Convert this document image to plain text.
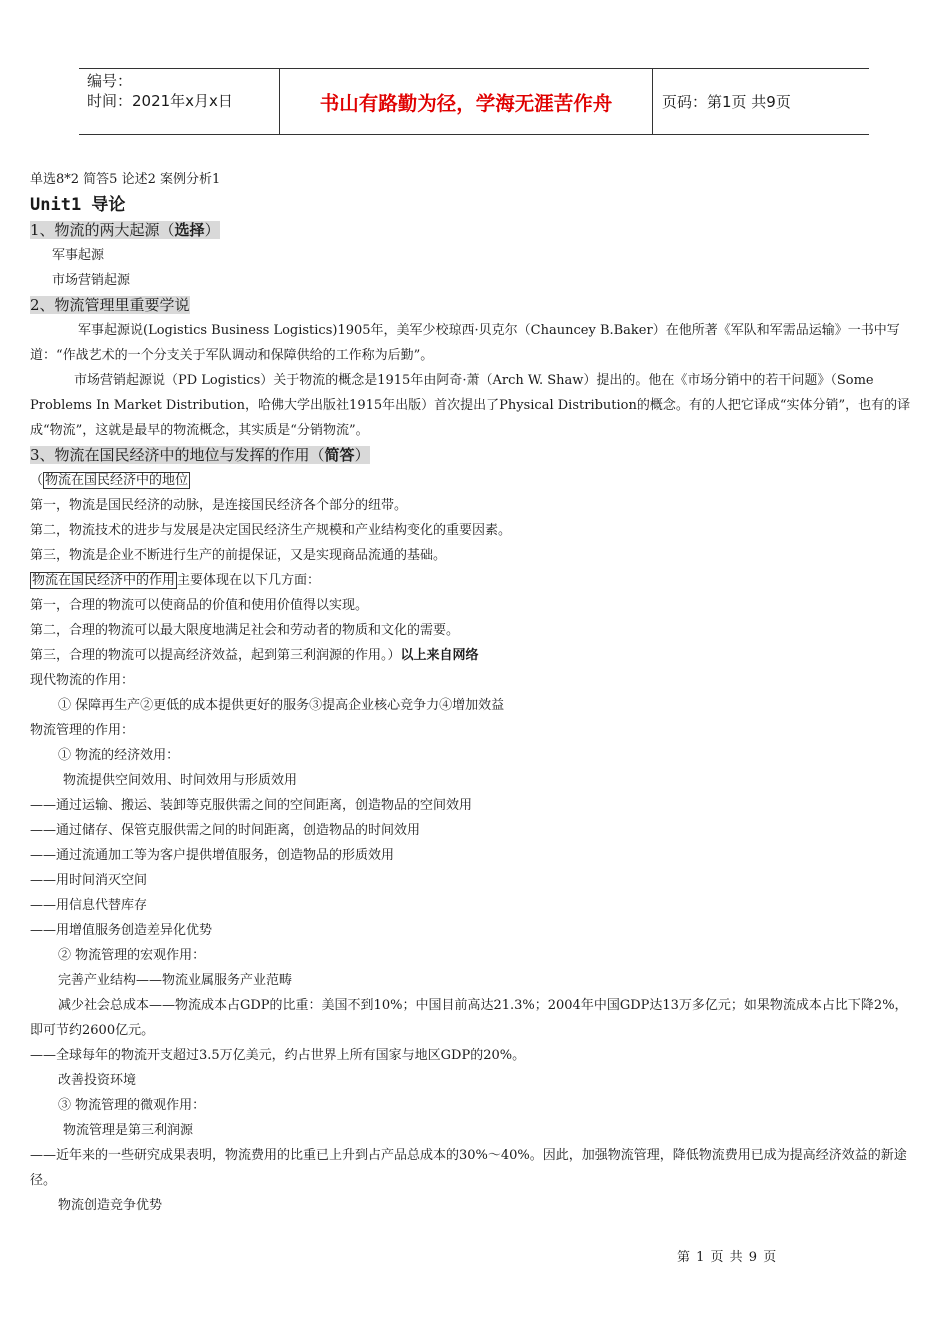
编号：
时间：2021年x月x日	书山有路勤为径，学海无涯苦作舟	页码：第1页 共9页
单选8*2 简答5 论述2 案例分析1
Unit1 导论
1、物流的两大起源（选择）
军事起源
市场营销起源
2、物流管理里重要学说
军事起源说(Logistics Business Logistics)1905年，美军少校琼西·贝克尔（Chauncey B.Baker）在他所著《军队和军需品运输》一书中写道：“作战艺术的一个分支关于军队调动和保障供给的工作称为后勤”。
市场营销起源说（PD Logistics）关于物流的概念是1915年由阿奇·萧（Arch W. Shaw）提出的。他在《市场分销中的若干问题》（Some Problems In Market Distribution，哈佛大学出版社1915年出版）首次提出了Physical Distribution的概念。有的人把它译成“实体分销”，也有的译成“物流”，这就是最早的物流概念，其实质是“分销物流”。
3、物流在国民经济中的地位与发挥的作用（简答）
（ 物流在国民经济中的地位
第一，物流是国民经济的动脉，是连接国民经济各个部分的纽带。
第二，物流技术的进步与发展是决定国民经济生产规模和产业结构变化的重要因素。
第三，物流是企业不断进行生产的前提保证，又是实现商品流通的基础。
物流在国民经济中的作用 主要体现在以下几方面：
第一，合理的物流可以使商品的价值和使用价值得以实现。
第二，合理的物流可以最大限度地满足社会和劳动者的物质和文化的需要。
第三，合理的物流可以提高经济效益，起到第三利润源的作用。）以上来自网络
现代物流的作用：
① 保障再生产②更低的成本提供更好的服务③提高企业核心竞争力④增加效益
物流管理的作用：
① 物流的经济效用：
物流提供空间效用、时间效用与形质效用
——通过运输、搬运、装卸等克服供需之间的空间距离，创造物品的空间效用
——通过储存、保管克服供需之间的时间距离，创造物品的时间效用
——通过流通加工等为客户提供增值服务，创造物品的形质效用
——用时间消灭空间
——用信息代替库存
——用增值服务创造差异化优势
② 物流管理的宏观作用：
完善产业结构——物流业属服务产业范畴
减少社会总成本——物流成本占GDP的比重：美国不到10%；中国目前高达21.3%；2004年中国GDP达13万多亿元；如果物流成本占比下降2%，即可节约2600亿元。
——全球每年的物流开支超过3.5万亿美元，约占世界上所有国家与地区GDP的20%。
改善投资环境
③ 物流管理的微观作用：
物流管理是第三利润源
——近年来的一些研究成果表明，物流费用的比重已上升到占产品总成本的30%～40%。因此，加强物流管理，降低物流费用已成为提高经济效益的新途径。
物流创造竞争优势
第 1 页 共 9 页
